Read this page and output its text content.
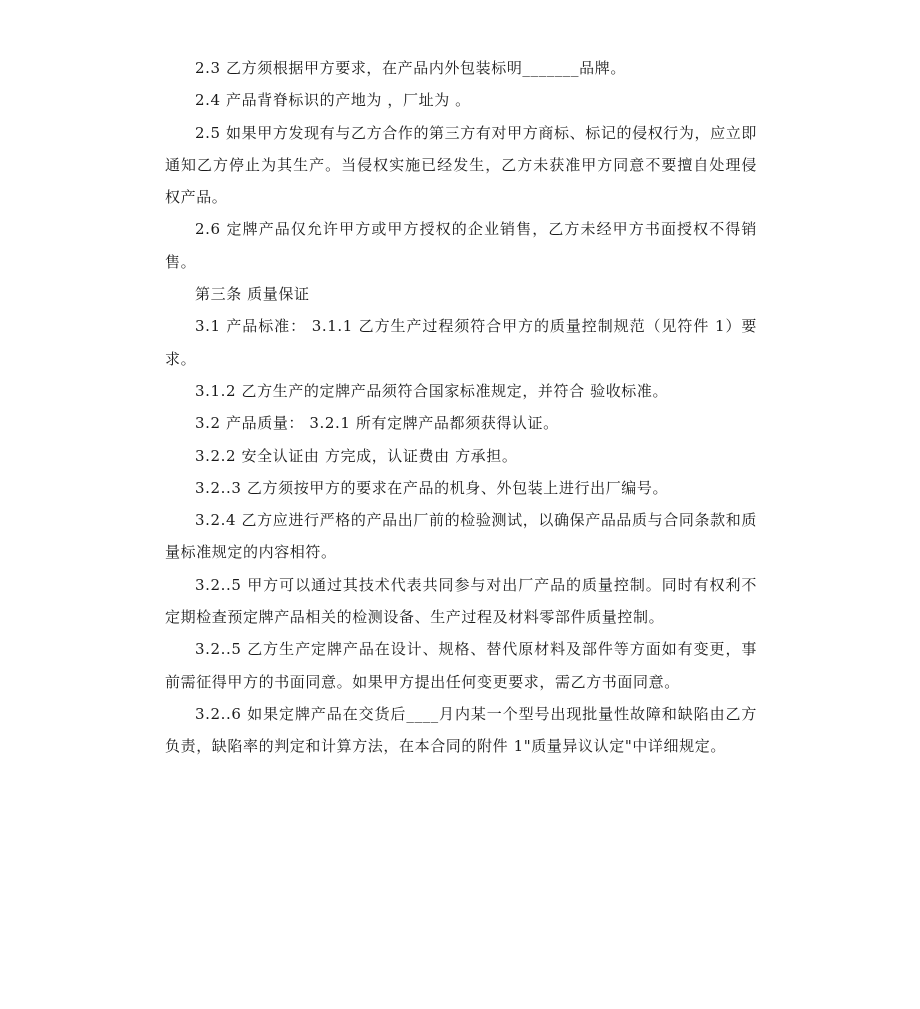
2.3 乙方须根据甲方要求，在产品内外包装标明_______品牌。

2.4 产品背脊标识的产地为 ，厂址为 。

2.5 如果甲方发现有与乙方合作的第三方有对甲方商标、标记的侵权行为，应立即通知乙方停止为其生产。当侵权实施已经发生，乙方未获准甲方同意不要擅自处理侵权产品。

2.6 定牌产品仅允许甲方或甲方授权的企业销售，乙方未经甲方书面授权不得销售。

第三条 质量保证

3.1 产品标准： 3.1.1 乙方生产过程须符合甲方的质量控制规范（见符件 1）要求。

3.1.2 乙方生产的定牌产品须符合国家标准规定，并符合 验收标准。

3.2 产品质量： 3.2.1 所有定牌产品都须获得认证。

3.2.2 安全认证由 方完成，认证费由 方承担。

3.2..3 乙方须按甲方的要求在产品的机身、外包装上进行出厂编号。

3.2.4 乙方应进行严格的产品出厂前的检验测试，以确保产品品质与合同条款和质量标准规定的内容相符。

3.2..5 甲方可以通过其技术代表共同参与对出厂产品的质量控制。同时有权利不定期检查预定牌产品相关的检测设备、生产过程及材料零部件质量控制。

3.2..5 乙方生产定牌产品在设计、规格、替代原材料及部件等方面如有变更，事前需征得甲方的书面同意。如果甲方提出任何变更要求，需乙方书面同意。

3.2..6 如果定牌产品在交货后____月内某一个型号出现批量性故障和缺陷由乙方负责，缺陷率的判定和计算方法，在本合同的附件 1"质量异议认定"中详细规定。
